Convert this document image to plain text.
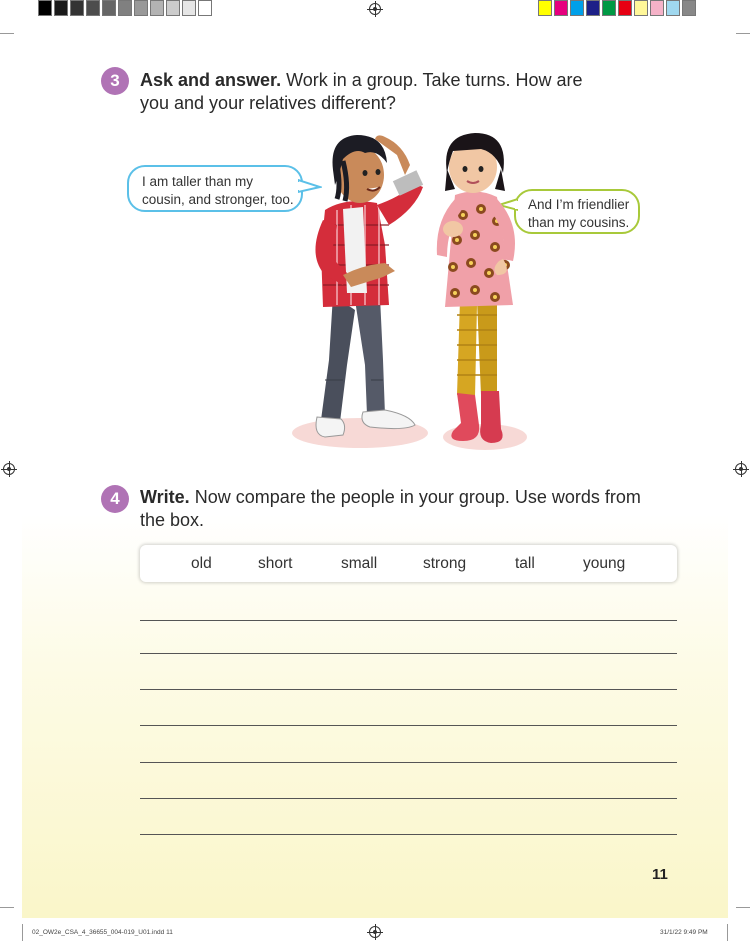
3	Ask and answer. Work in a group. Take turns. How are
you and your relatives different?
I am taller than my
cousin, and stronger, too.	And I’m friendlier
than my cousins.
4	Write. Now compare the people in your group. Use words from
the box.
old	short	small	strong	tall	young
11
02_OW2e_CSA_4_36655_004-019_U01.indd 11	31/1/22 9:49 PM
